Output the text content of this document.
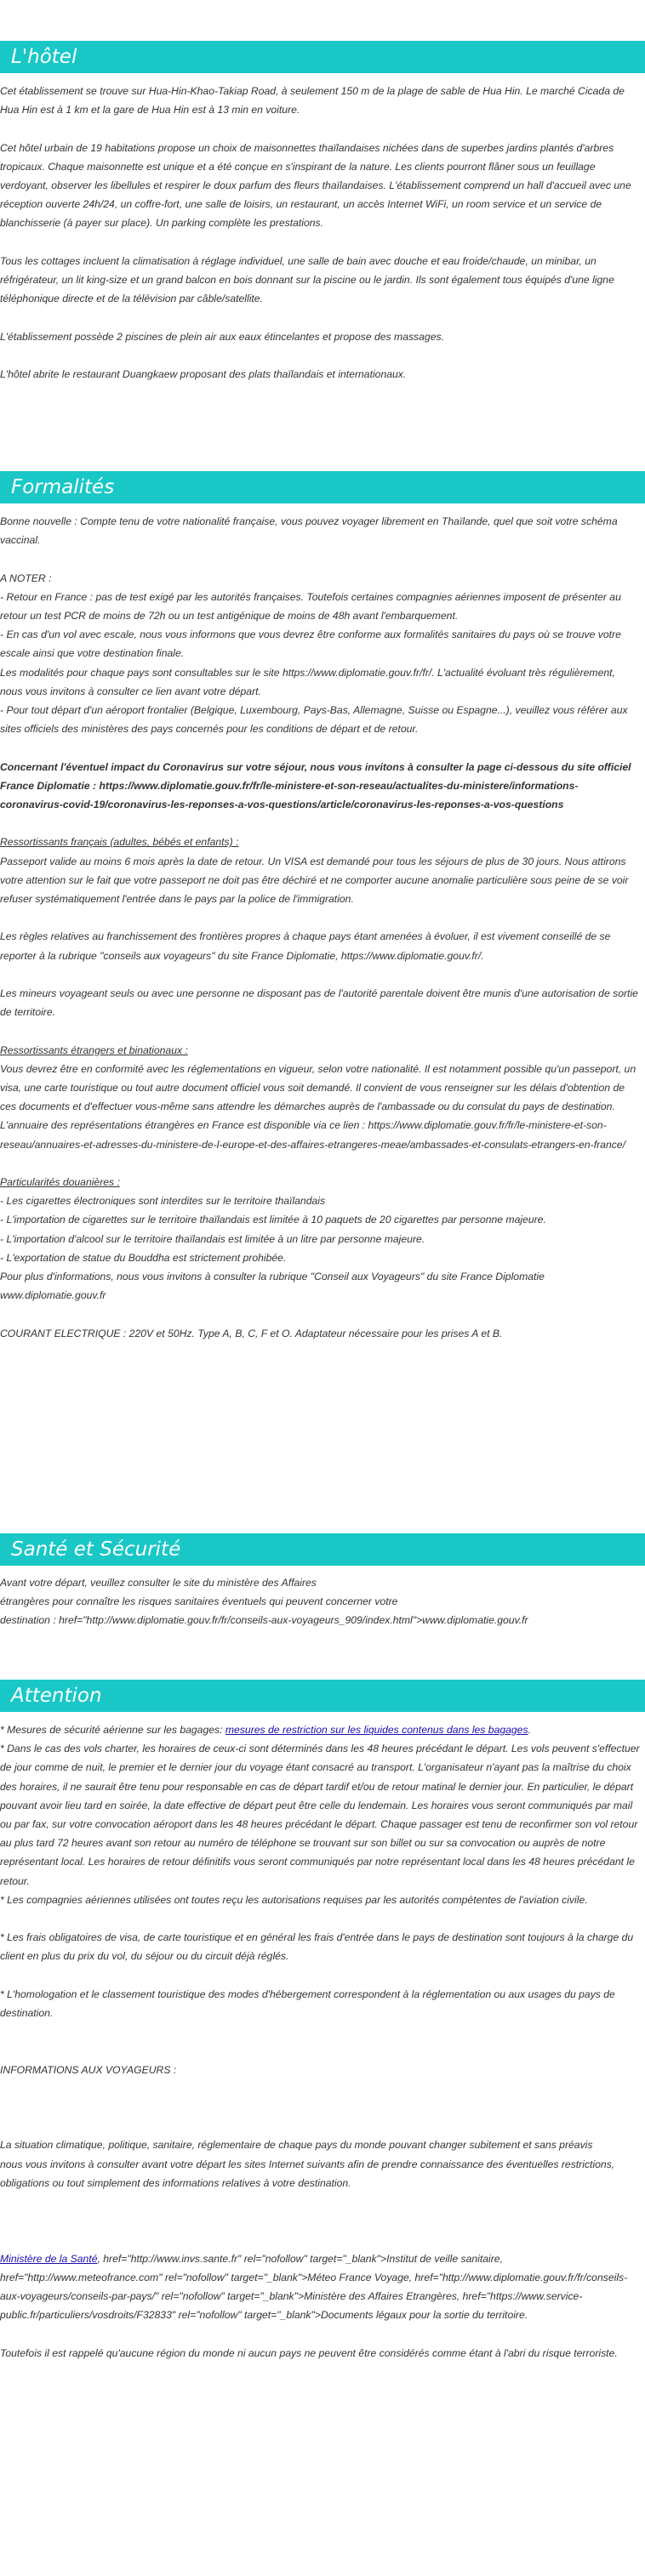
L'hôtel
Cet établissement se trouve sur Hua-Hin-Khao-Takiap Road, à seulement 150 m de la plage de sable de Hua Hin. Le marché Cicada de Hua Hin est à 1 km et la gare de Hua Hin est à 13 min en voiture.
Cet hôtel urbain de 19 habitations propose un choix de maisonnettes thaïlandaises nichées dans de superbes jardins plantés d'arbres tropicaux. Chaque maisonnette est unique et a été conçue en s'inspirant de la nature. Les clients pourront flâner sous un feuillage verdoyant, observer les libellules et respirer le doux parfum des fleurs thaïlandaises. L'établissement comprend un hall d'accueil avec une réception ouverte 24h/24, un coffre-fort, une salle de loisirs, un restaurant, un accès Internet WiFi, un room service et un service de blanchisserie (à payer sur place). Un parking complète les prestations.
Tous les cottages incluent la climatisation à réglage individuel, une salle de bain avec douche et eau froide/chaude, un minibar, un réfrigérateur, un lit king-size et un grand balcon en bois donnant sur la piscine ou le jardin. Ils sont également tous équipés d'une ligne téléphonique directe et de la télévision par câble/satellite.
L'établissement possède 2 piscines de plein air aux eaux étincelantes et propose des massages.
L'hôtel abrite le restaurant Duangkaew proposant des plats thaïlandais et internationaux.
Formalités
Bonne nouvelle : Compte tenu de votre nationalité française, vous pouvez voyager librement en Thaïlande, quel que soit votre schéma vaccinal.
A NOTER :
- Retour en France : pas de test exigé par les autorités françaises. Toutefois certaines compagnies aériennes imposent de présenter au retour un test PCR de moins de 72h ou un test antigénique de moins de 48h avant l'embarquement.
- En cas d'un vol avec escale, nous vous informons que vous devrez être conforme aux formalités sanitaires du pays où se trouve votre escale ainsi que votre destination finale.
Les modalités pour chaque pays sont consultables sur le site https://www.diplomatie.gouv.fr/fr/. L'actualité évoluant très régulièrement, nous vous invitons à consulter ce lien avant votre départ.
- Pour tout départ d'un aéroport frontalier (Belgique, Luxembourg, Pays-Bas, Allemagne, Suisse ou Espagne...), veuillez vous référer aux sites officiels des ministères des pays concernés pour les conditions de départ et de retour.
Concernant l'éventuel impact du Coronavirus sur votre séjour, nous vous invitons à consulter la page ci-dessous du site officiel France Diplomatie : https://www.diplomatie.gouv.fr/fr/le-ministere-et-son-reseau/actualites-du-ministere/informations-coronavirus-covid-19/coronavirus-les-reponses-a-vos-questions/article/coronavirus-les-reponses-a-vos-questions
Ressortissants français (adultes, bébés et enfants) :
Passeport valide au moins 6 mois après la date de retour. Un VISA est demandé pour tous les séjours de plus de 30 jours. Nous attirons votre attention sur le fait que votre passeport ne doit pas être déchiré et ne comporter aucune anomalie particulière sous peine de se voir refuser systématiquement l'entrée dans le pays par la police de l'immigration.
Les règles relatives au franchissement des frontières propres à chaque pays étant amenées à évoluer, il est vivement conseillé de se reporter à la rubrique "conseils aux voyageurs" du site France Diplomatie, https://www.diplomatie.gouv.fr/.
Les mineurs voyageant seuls ou avec une personne ne disposant pas de l'autorité parentale doivent être munis d'une autorisation de sortie de territoire.
Ressortissants étrangers et binationaux :
Vous devrez être en conformité avec les réglementations en vigueur, selon votre nationalité. Il est notamment possible qu'un passeport, un visa, une carte touristique ou tout autre document officiel vous soit demandé. Il convient de vous renseigner sur les délais d'obtention de ces documents et d'effectuer vous-même sans attendre les démarches auprès de l'ambassade ou du consulat du pays de destination.
L'annuaire des représentations étrangères en France est disponible via ce lien : https://www.diplomatie.gouv.fr/fr/le-ministere-et-son-reseau/annuaires-et-adresses-du-ministere-de-l-europe-et-des-affaires-etrangeres-meae/ambassades-et-consulats-etrangers-en-france/
Particularités douanières :
- Les cigarettes électroniques sont interdites sur le territoire thaïlandais
- L'importation de cigarettes sur le territoire thaïlandais est limitée à 10 paquets de 20 cigarettes par personne majeure.
- L'importation d'alcool sur le territoire thaïlandais est limitée à un litre par personne majeure.
- L'exportation de statue du Bouddha est strictement prohibée.
Pour plus d'informations, nous vous invitons à consulter la rubrique "Conseil aux Voyageurs" du site France Diplomatie www.diplomatie.gouv.fr
COURANT ELECTRIQUE : 220V et 50Hz. Type A, B, C, F et O. Adaptateur nécessaire pour les prises A et B.
Santé et Sécurité
Avant votre départ, veuillez consulter le site du ministère des Affaires
étrangères pour connaître les risques sanitaires éventuels qui peuvent concerner votre
destination : href="http://www.diplomatie.gouv.fr/fr/conseils-aux-voyageurs_909/index.html">www.diplomatie.gouv.fr
Attention
* Mesures de sécurité aérienne sur les bagages: mesures de restriction sur les liquides contenus dans les bagages.
* Dans le cas des vols charter, les horaires de ceux-ci sont déterminés dans les 48 heures précédant le départ. Les vols peuvent s'effectuer de jour comme de nuit, le premier et le dernier jour du voyage étant consacré au transport. L'organisateur n'ayant pas la maîtrise du choix des horaires, il ne saurait être tenu pour responsable en cas de départ tardif et/ou de retour matinal le dernier jour. En particulier, le départ pouvant avoir lieu tard en soirée, la date effective de départ peut être celle du lendemain. Les horaires vous seront communiqués par mail ou par fax, sur votre convocation aéroport dans les 48 heures précédant le départ. Chaque passager est tenu de reconfirmer son vol retour au plus tard 72 heures avant son retour au numéro de téléphone se trouvant sur son billet ou sur sa convocation ou auprès de notre représentant local. Les horaires de retour définitifs vous seront communiqués par notre représentant local dans les 48 heures précédant le retour.
* Les compagnies aériennes utilisées ont toutes reçu les autorisations requises par les autorités compétentes de l'aviation civile.
* Les frais obligatoires de visa, de carte touristique et en général les frais d'entrée dans le pays de destination sont toujours à la charge du client en plus du prix du vol, du séjour ou du circuit déjà réglés.
* L'homologation et le classement touristique des modes d'hébergement correspondent à la réglementation ou aux usages du pays de destination.
INFORMATIONS AUX VOYAGEURS :
La situation climatique, politique, sanitaire, réglementaire de chaque pays du monde pouvant changer subitement et sans préavis
nous vous invitons à consulter avant votre départ les sites Internet suivants afin de prendre connaissance des éventuelles restrictions, obligations ou tout simplement des informations relatives à votre destination.
Ministère de la Santé, href="http://www.invs.sante.fr" rel="nofollow" target="_blank">Institut de veille sanitaire, href="http://www.meteofrance.com" rel="nofollow" target="_blank">Méteo France Voyage, href="http://www.diplomatie.gouv.fr/fr/conseils-aux-voyageurs/conseils-par-pays/" rel="nofollow" target="_blank">Ministère des Affaires Etrangères, href="https://www.service-public.fr/particuliers/vosdroits/F32833" rel="nofollow" target="_blank">Documents légaux pour la sortie du territoire.
Toutefois il est rappelé qu'aucune région du monde ni aucun pays ne peuvent être considérés comme étant à l'abri du risque terroriste.
